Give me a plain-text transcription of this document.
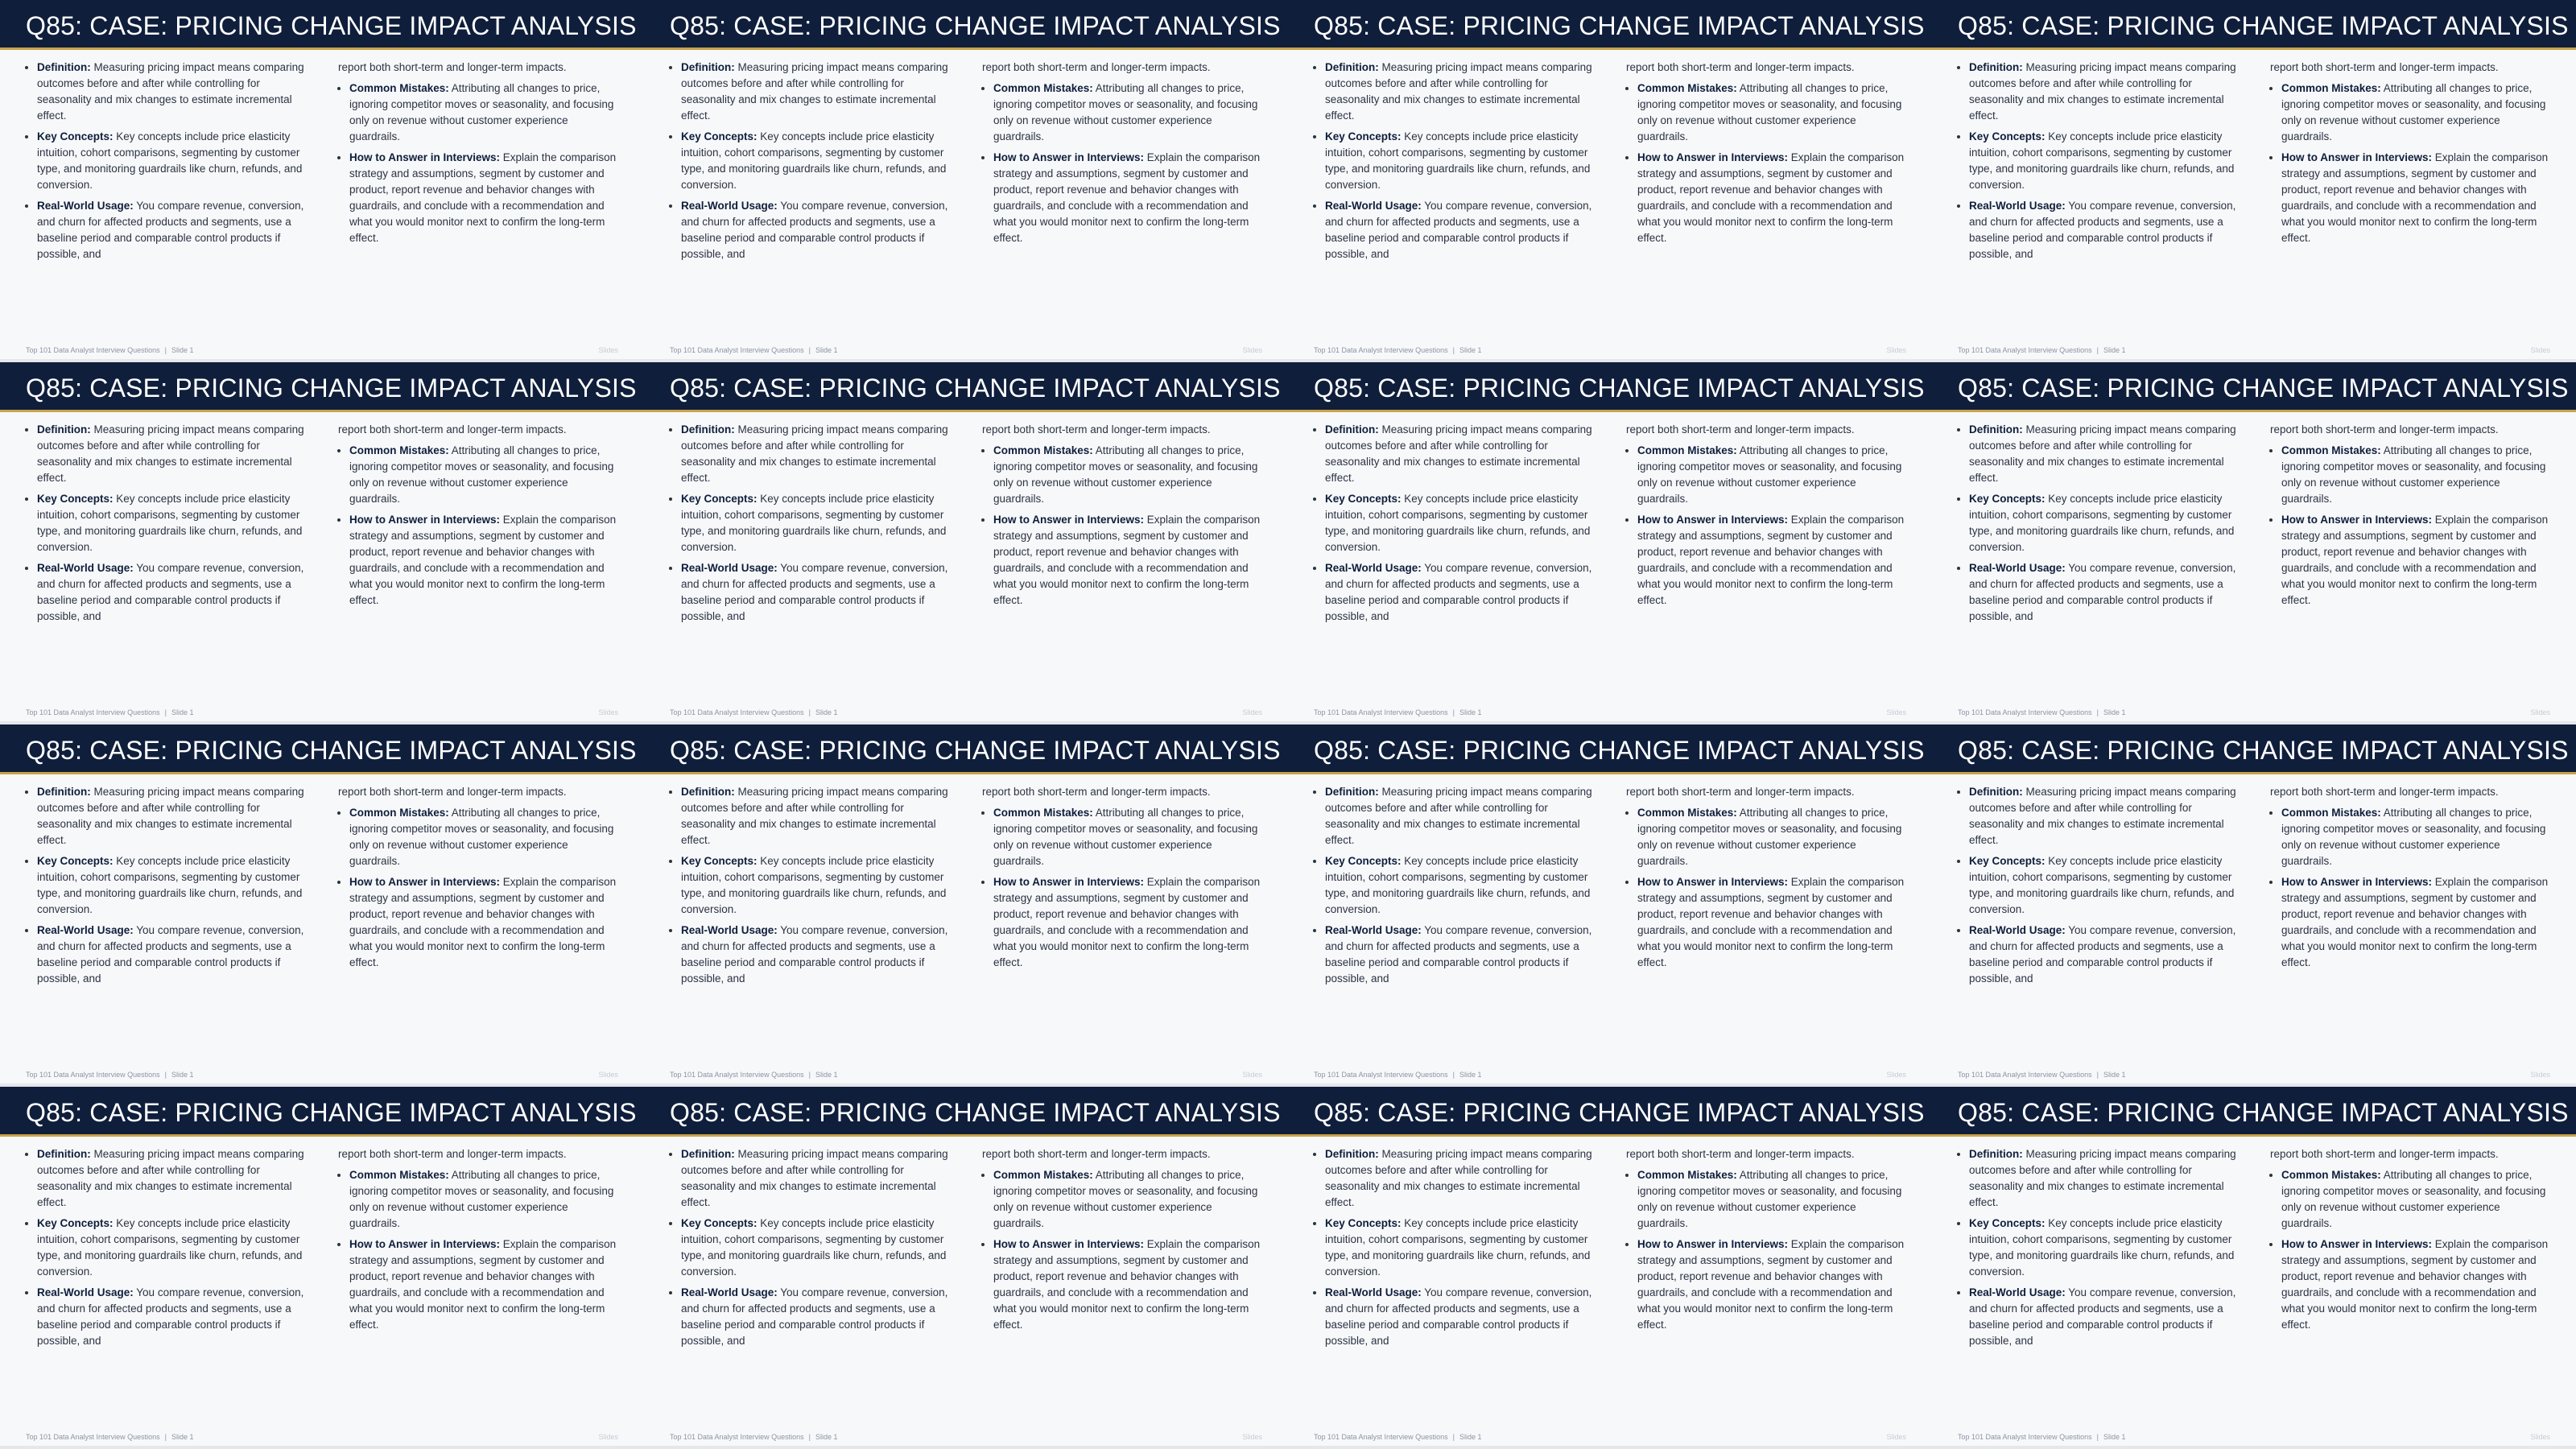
Q85: CASE: PRICING CHANGE IMPACT ANALYSIS
• Definition: Measuring pricing impact means comparing outcomes before and after while controlling for seasonality and mix changes to estimate incremental effect.
• Key Concepts: Key concepts include price elasticity intuition, cohort comparisons, segmenting by customer type, and monitoring guardrails like churn, refunds, and conversion.
• Real-World Usage: You compare revenue, conversion, and churn for affected products and segments, use a baseline period and comparable control products if possible, and

report both short-term and longer-term impacts.

• Common Mistakes: Attributing all changes to price, ignoring competitor moves or seasonality, and focusing only on revenue without customer experience guardrails.
• How to Answer in Interviews: Explain the comparison strategy and assumptions, segment by customer and product, report revenue and behavior changes with guardrails, and conclude with a recommendation and what you would monitor next to confirm the long-term effect.
Top 101 Data Analyst Interview Questions | Slide 1	Slides
Q85: CASE: PRICING CHANGE IMPACT ANALYSIS
• Definition: Measuring pricing impact means comparing outcomes before and after while controlling for seasonality and mix changes to estimate incremental effect.
• Key Concepts: Key concepts include price elasticity intuition, cohort comparisons, segmenting by customer type, and monitoring guardrails like churn, refunds, and conversion.
• Real-World Usage: You compare revenue, conversion, and churn for affected products and segments, use a baseline period and comparable control products if possible, and

report both short-term and longer-term impacts.

• Common Mistakes: Attributing all changes to price, ignoring competitor moves or seasonality, and focusing only on revenue without customer experience guardrails.
• How to Answer in Interviews: Explain the comparison strategy and assumptions, segment by customer and product, report revenue and behavior changes with guardrails, and conclude with a recommendation and what you would monitor next to confirm the long-term effect.
Top 101 Data Analyst Interview Questions | Slide 1	Slides
Q85: CASE: PRICING CHANGE IMPACT ANALYSIS
• Definition: Measuring pricing impact means comparing outcomes before and after while controlling for seasonality and mix changes to estimate incremental effect.
• Key Concepts: Key concepts include price elasticity intuition, cohort comparisons, segmenting by customer type, and monitoring guardrails like churn, refunds, and conversion.
• Real-World Usage: You compare revenue, conversion, and churn for affected products and segments, use a baseline period and comparable control products if possible, and

report both short-term and longer-term impacts.

• Common Mistakes: Attributing all changes to price, ignoring competitor moves or seasonality, and focusing only on revenue without customer experience guardrails.
• How to Answer in Interviews: Explain the comparison strategy and assumptions, segment by customer and product, report revenue and behavior changes with guardrails, and conclude with a recommendation and what you would monitor next to confirm the long-term effect.
Top 101 Data Analyst Interview Questions | Slide 1	Slides
Q85: CASE: PRICING CHANGE IMPACT ANALYSIS
• Definition: Measuring pricing impact means comparing outcomes before and after while controlling for seasonality and mix changes to estimate incremental effect.
• Key Concepts: Key concepts include price elasticity intuition, cohort comparisons, segmenting by customer type, and monitoring guardrails like churn, refunds, and conversion.
• Real-World Usage: You compare revenue, conversion, and churn for affected products and segments, use a baseline period and comparable control products if possible, and

report both short-term and longer-term impacts.

• Common Mistakes: Attributing all changes to price, ignoring competitor moves or seasonality, and focusing only on revenue without customer experience guardrails.
• How to Answer in Interviews: Explain the comparison strategy and assumptions, segment by customer and product, report revenue and behavior changes with guardrails, and conclude with a recommendation and what you would monitor next to confirm the long-term effect.
Top 101 Data Analyst Interview Questions | Slide 1	Slides
Q85: CASE: PRICING CHANGE IMPACT ANALYSIS
• Definition: Measuring pricing impact means comparing outcomes before and after while controlling for seasonality and mix changes to estimate incremental effect.
• Key Concepts: Key concepts include price elasticity intuition, cohort comparisons, segmenting by customer type, and monitoring guardrails like churn, refunds, and conversion.
• Real-World Usage: You compare revenue, conversion, and churn for affected products and segments, use a baseline period and comparable control products if possible, and

report both short-term and longer-term impacts.

• Common Mistakes: Attributing all changes to price, ignoring competitor moves or seasonality, and focusing only on revenue without customer experience guardrails.
• How to Answer in Interviews: Explain the comparison strategy and assumptions, segment by customer and product, report revenue and behavior changes with guardrails, and conclude with a recommendation and what you would monitor next to confirm the long-term effect.
Top 101 Data Analyst Interview Questions | Slide 1	Slides
Q85: CASE: PRICING CHANGE IMPACT ANALYSIS
• Definition: Measuring pricing impact means comparing outcomes before and after while controlling for seasonality and mix changes to estimate incremental effect.
• Key Concepts: Key concepts include price elasticity intuition, cohort comparisons, segmenting by customer type, and monitoring guardrails like churn, refunds, and conversion.
• Real-World Usage: You compare revenue, conversion, and churn for affected products and segments, use a baseline period and comparable control products if possible, and

report both short-term and longer-term impacts.

• Common Mistakes: Attributing all changes to price, ignoring competitor moves or seasonality, and focusing only on revenue without customer experience guardrails.
• How to Answer in Interviews: Explain the comparison strategy and assumptions, segment by customer and product, report revenue and behavior changes with guardrails, and conclude with a recommendation and what you would monitor next to confirm the long-term effect.
Top 101 Data Analyst Interview Questions | Slide 1	Slides
Q85: CASE: PRICING CHANGE IMPACT ANALYSIS
• Definition: Measuring pricing impact means comparing outcomes before and after while controlling for seasonality and mix changes to estimate incremental effect.
• Key Concepts: Key concepts include price elasticity intuition, cohort comparisons, segmenting by customer type, and monitoring guardrails like churn, refunds, and conversion.
• Real-World Usage: You compare revenue, conversion, and churn for affected products and segments, use a baseline period and comparable control products if possible, and

report both short-term and longer-term impacts.

• Common Mistakes: Attributing all changes to price, ignoring competitor moves or seasonality, and focusing only on revenue without customer experience guardrails.
• How to Answer in Interviews: Explain the comparison strategy and assumptions, segment by customer and product, report revenue and behavior changes with guardrails, and conclude with a recommendation and what you would monitor next to confirm the long-term effect.
Top 101 Data Analyst Interview Questions | Slide 1	Slides
Q85: CASE: PRICING CHANGE IMPACT ANALYSIS
• Definition: Measuring pricing impact means comparing outcomes before and after while controlling for seasonality and mix changes to estimate incremental effect.
• Key Concepts: Key concepts include price elasticity intuition, cohort comparisons, segmenting by customer type, and monitoring guardrails like churn, refunds, and conversion.
• Real-World Usage: You compare revenue, conversion, and churn for affected products and segments, use a baseline period and comparable control products if possible, and

report both short-term and longer-term impacts.

• Common Mistakes: Attributing all changes to price, ignoring competitor moves or seasonality, and focusing only on revenue without customer experience guardrails.
• How to Answer in Interviews: Explain the comparison strategy and assumptions, segment by customer and product, report revenue and behavior changes with guardrails, and conclude with a recommendation and what you would monitor next to confirm the long-term effect.
Top 101 Data Analyst Interview Questions | Slide 1	Slides
Q85: CASE: PRICING CHANGE IMPACT ANALYSIS
• Definition: Measuring pricing impact means comparing outcomes before and after while controlling for seasonality and mix changes to estimate incremental effect.
• Key Concepts: Key concepts include price elasticity intuition, cohort comparisons, segmenting by customer type, and monitoring guardrails like churn, refunds, and conversion.
• Real-World Usage: You compare revenue, conversion, and churn for affected products and segments, use a baseline period and comparable control products if possible, and

report both short-term and longer-term impacts.

• Common Mistakes: Attributing all changes to price, ignoring competitor moves or seasonality, and focusing only on revenue without customer experience guardrails.
• How to Answer in Interviews: Explain the comparison strategy and assumptions, segment by customer and product, report revenue and behavior changes with guardrails, and conclude with a recommendation and what you would monitor next to confirm the long-term effect.
Top 101 Data Analyst Interview Questions | Slide 1	Slides
Q85: CASE: PRICING CHANGE IMPACT ANALYSIS
• Definition: Measuring pricing impact means comparing outcomes before and after while controlling for seasonality and mix changes to estimate incremental effect.
• Key Concepts: Key concepts include price elasticity intuition, cohort comparisons, segmenting by customer type, and monitoring guardrails like churn, refunds, and conversion.
• Real-World Usage: You compare revenue, conversion, and churn for affected products and segments, use a baseline period and comparable control products if possible, and

report both short-term and longer-term impacts.

• Common Mistakes: Attributing all changes to price, ignoring competitor moves or seasonality, and focusing only on revenue without customer experience guardrails.
• How to Answer in Interviews: Explain the comparison strategy and assumptions, segment by customer and product, report revenue and behavior changes with guardrails, and conclude with a recommendation and what you would monitor next to confirm the long-term effect.
Top 101 Data Analyst Interview Questions | Slide 1	Slides
Q85: CASE: PRICING CHANGE IMPACT ANALYSIS
• Definition: Measuring pricing impact means comparing outcomes before and after while controlling for seasonality and mix changes to estimate incremental effect.
• Key Concepts: Key concepts include price elasticity intuition, cohort comparisons, segmenting by customer type, and monitoring guardrails like churn, refunds, and conversion.
• Real-World Usage: You compare revenue, conversion, and churn for affected products and segments, use a baseline period and comparable control products if possible, and

report both short-term and longer-term impacts.

• Common Mistakes: Attributing all changes to price, ignoring competitor moves or seasonality, and focusing only on revenue without customer experience guardrails.
• How to Answer in Interviews: Explain the comparison strategy and assumptions, segment by customer and product, report revenue and behavior changes with guardrails, and conclude with a recommendation and what you would monitor next to confirm the long-term effect.
Top 101 Data Analyst Interview Questions | Slide 1	Slides
Q85: CASE: PRICING CHANGE IMPACT ANALYSIS
• Definition: Measuring pricing impact means comparing outcomes before and after while controlling for seasonality and mix changes to estimate incremental effect.
• Key Concepts: Key concepts include price elasticity intuition, cohort comparisons, segmenting by customer type, and monitoring guardrails like churn, refunds, and conversion.
• Real-World Usage: You compare revenue, conversion, and churn for affected products and segments, use a baseline period and comparable control products if possible, and

report both short-term and longer-term impacts.

• Common Mistakes: Attributing all changes to price, ignoring competitor moves or seasonality, and focusing only on revenue without customer experience guardrails.
• How to Answer in Interviews: Explain the comparison strategy and assumptions, segment by customer and product, report revenue and behavior changes with guardrails, and conclude with a recommendation and what you would monitor next to confirm the long-term effect.
Top 101 Data Analyst Interview Questions | Slide 1	Slides
Q85: CASE: PRICING CHANGE IMPACT ANALYSIS
• Definition: Measuring pricing impact means comparing outcomes before and after while controlling for seasonality and mix changes to estimate incremental effect.
• Key Concepts: Key concepts include price elasticity intuition, cohort comparisons, segmenting by customer type, and monitoring guardrails like churn, refunds, and conversion.
• Real-World Usage: You compare revenue, conversion, and churn for affected products and segments, use a baseline period and comparable control products if possible, and

report both short-term and longer-term impacts.

• Common Mistakes: Attributing all changes to price, ignoring competitor moves or seasonality, and focusing only on revenue without customer experience guardrails.
• How to Answer in Interviews: Explain the comparison strategy and assumptions, segment by customer and product, report revenue and behavior changes with guardrails, and conclude with a recommendation and what you would monitor next to confirm the long-term effect.
Top 101 Data Analyst Interview Questions | Slide 1	Slides
Q85: CASE: PRICING CHANGE IMPACT ANALYSIS
• Definition: Measuring pricing impact means comparing outcomes before and after while controlling for seasonality and mix changes to estimate incremental effect.
• Key Concepts: Key concepts include price elasticity intuition, cohort comparisons, segmenting by customer type, and monitoring guardrails like churn, refunds, and conversion.
• Real-World Usage: You compare revenue, conversion, and churn for affected products and segments, use a baseline period and comparable control products if possible, and

report both short-term and longer-term impacts.

• Common Mistakes: Attributing all changes to price, ignoring competitor moves or seasonality, and focusing only on revenue without customer experience guardrails.
• How to Answer in Interviews: Explain the comparison strategy and assumptions, segment by customer and product, report revenue and behavior changes with guardrails, and conclude with a recommendation and what you would monitor next to confirm the long-term effect.
Top 101 Data Analyst Interview Questions | Slide 1	Slides
Q85: CASE: PRICING CHANGE IMPACT ANALYSIS
• Definition: Measuring pricing impact means comparing outcomes before and after while controlling for seasonality and mix changes to estimate incremental effect.
• Key Concepts: Key concepts include price elasticity intuition, cohort comparisons, segmenting by customer type, and monitoring guardrails like churn, refunds, and conversion.
• Real-World Usage: You compare revenue, conversion, and churn for affected products and segments, use a baseline period and comparable control products if possible, and

report both short-term and longer-term impacts.

• Common Mistakes: Attributing all changes to price, ignoring competitor moves or seasonality, and focusing only on revenue without customer experience guardrails.
• How to Answer in Interviews: Explain the comparison strategy and assumptions, segment by customer and product, report revenue and behavior changes with guardrails, and conclude with a recommendation and what you would monitor next to confirm the long-term effect.
Top 101 Data Analyst Interview Questions | Slide 1	Slides
Q85: CASE: PRICING CHANGE IMPACT ANALYSIS
• Definition: Measuring pricing impact means comparing outcomes before and after while controlling for seasonality and mix changes to estimate incremental effect.
• Key Concepts: Key concepts include price elasticity intuition, cohort comparisons, segmenting by customer type, and monitoring guardrails like churn, refunds, and conversion.
• Real-World Usage: You compare revenue, conversion, and churn for affected products and segments, use a baseline period and comparable control products if possible, and

report both short-term and longer-term impacts.

• Common Mistakes: Attributing all changes to price, ignoring competitor moves or seasonality, and focusing only on revenue without customer experience guardrails.
• How to Answer in Interviews: Explain the comparison strategy and assumptions, segment by customer and product, report revenue and behavior changes with guardrails, and conclude with a recommendation and what you would monitor next to confirm the long-term effect.
Top 101 Data Analyst Interview Questions | Slide 1	Slides
